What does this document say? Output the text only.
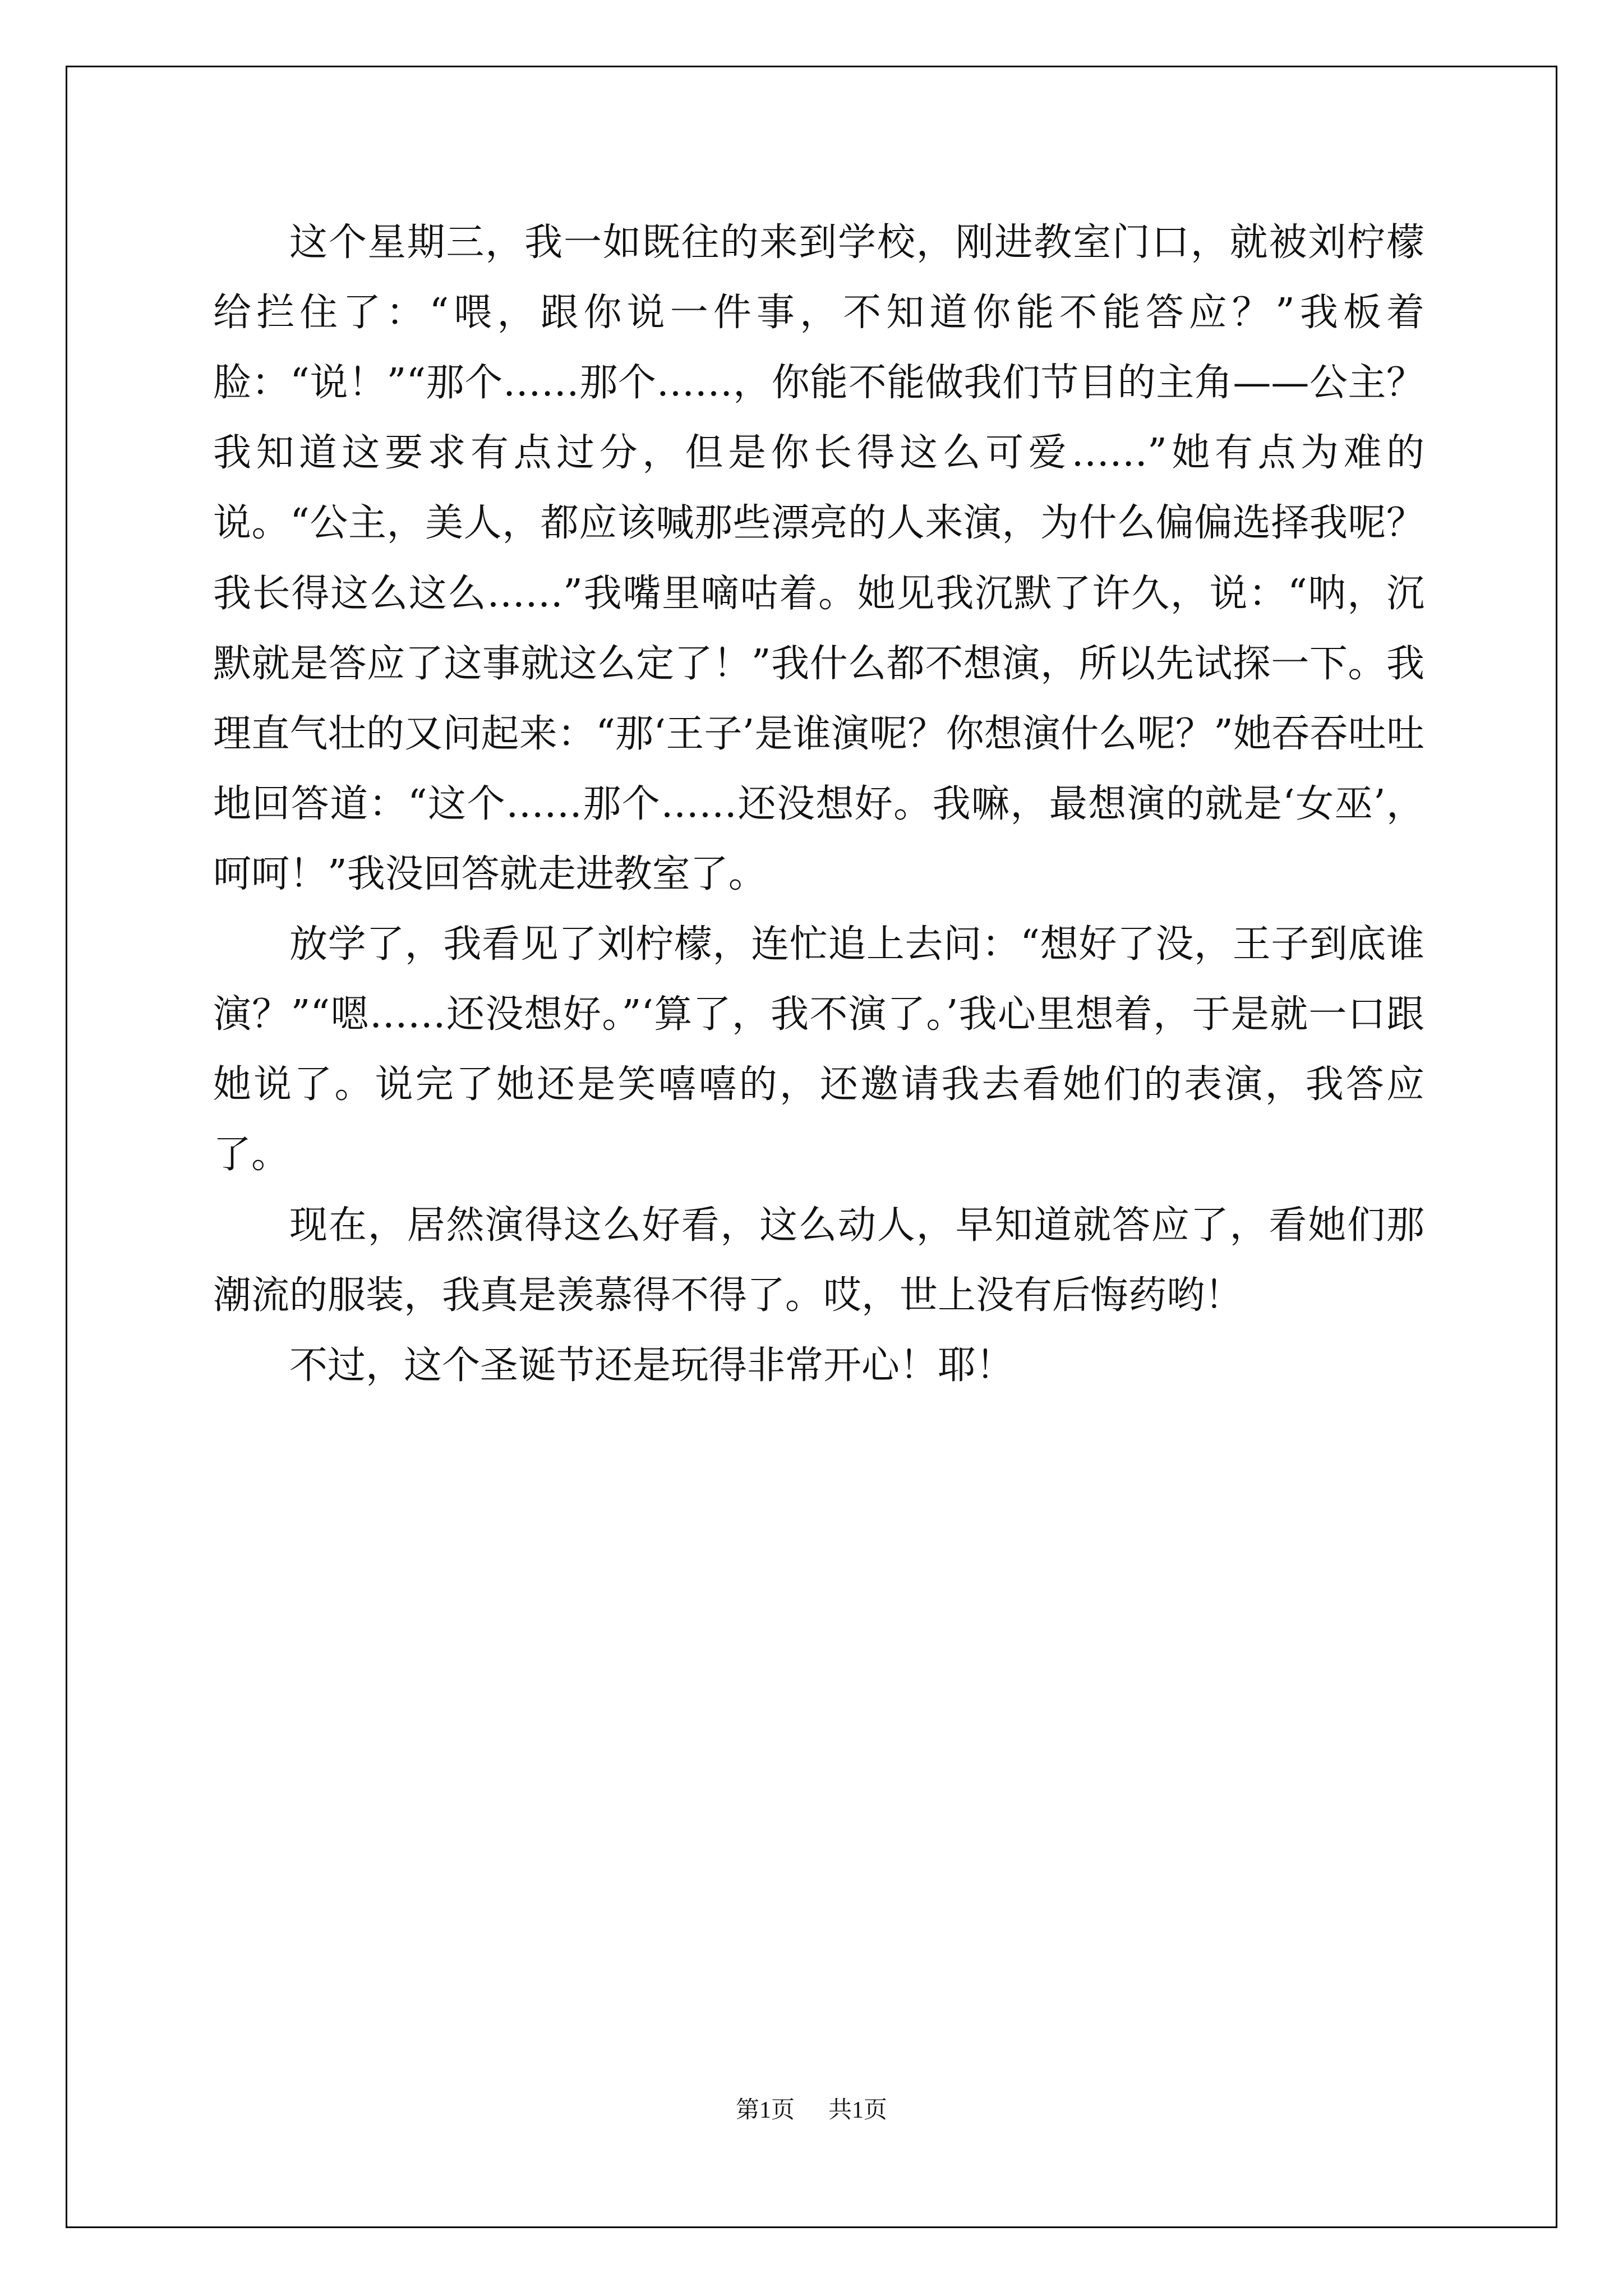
这个星期三，我一如既往的来到学校，刚进教室门口，就被刘柠檬给拦住了：“喂，跟你说一件事，不知道你能不能答应？”我板着脸：“说！”“那个……那个……，你能不能做我们节目的主角——公主？我知道这要求有点过分，但是你长得这么可爱……”她有点为难的说。“公主，美人，都应该喊那些漂亮的人来演，为什么偏偏选择我呢？我长得这么这么……”我嘴里嘀咕着。她见我沉默了许久，说：“呐，沉默就是答应了这事就这么定了！”我什么都不想演，所以先试探一下。我理直气壮的又问起来：“那‘王子’是谁演呢？你想演什么呢？”她吞吞吐吐地回答道：“这个……那个……还没想好。我嘛，最想演的就是‘女巫’，呵呵！”我没回答就走进教室了。

放学了，我看见了刘柠檬，连忙追上去问：“想好了没，王子到底谁演？”“嗯……还没想好。”‘算了，我不演了。’我心里想着，于是就一口跟她说了。说完了她还是笑嘻嘻的，还邀请我去看她们的表演，我答应了。

现在，居然演得这么好看，这么动人，早知道就答应了，看她们那潮流的服装，我真是羡慕得不得了。哎，世上没有后悔药哟！

不过，这个圣诞节还是玩得非常开心！耶！

第1页 共1页
